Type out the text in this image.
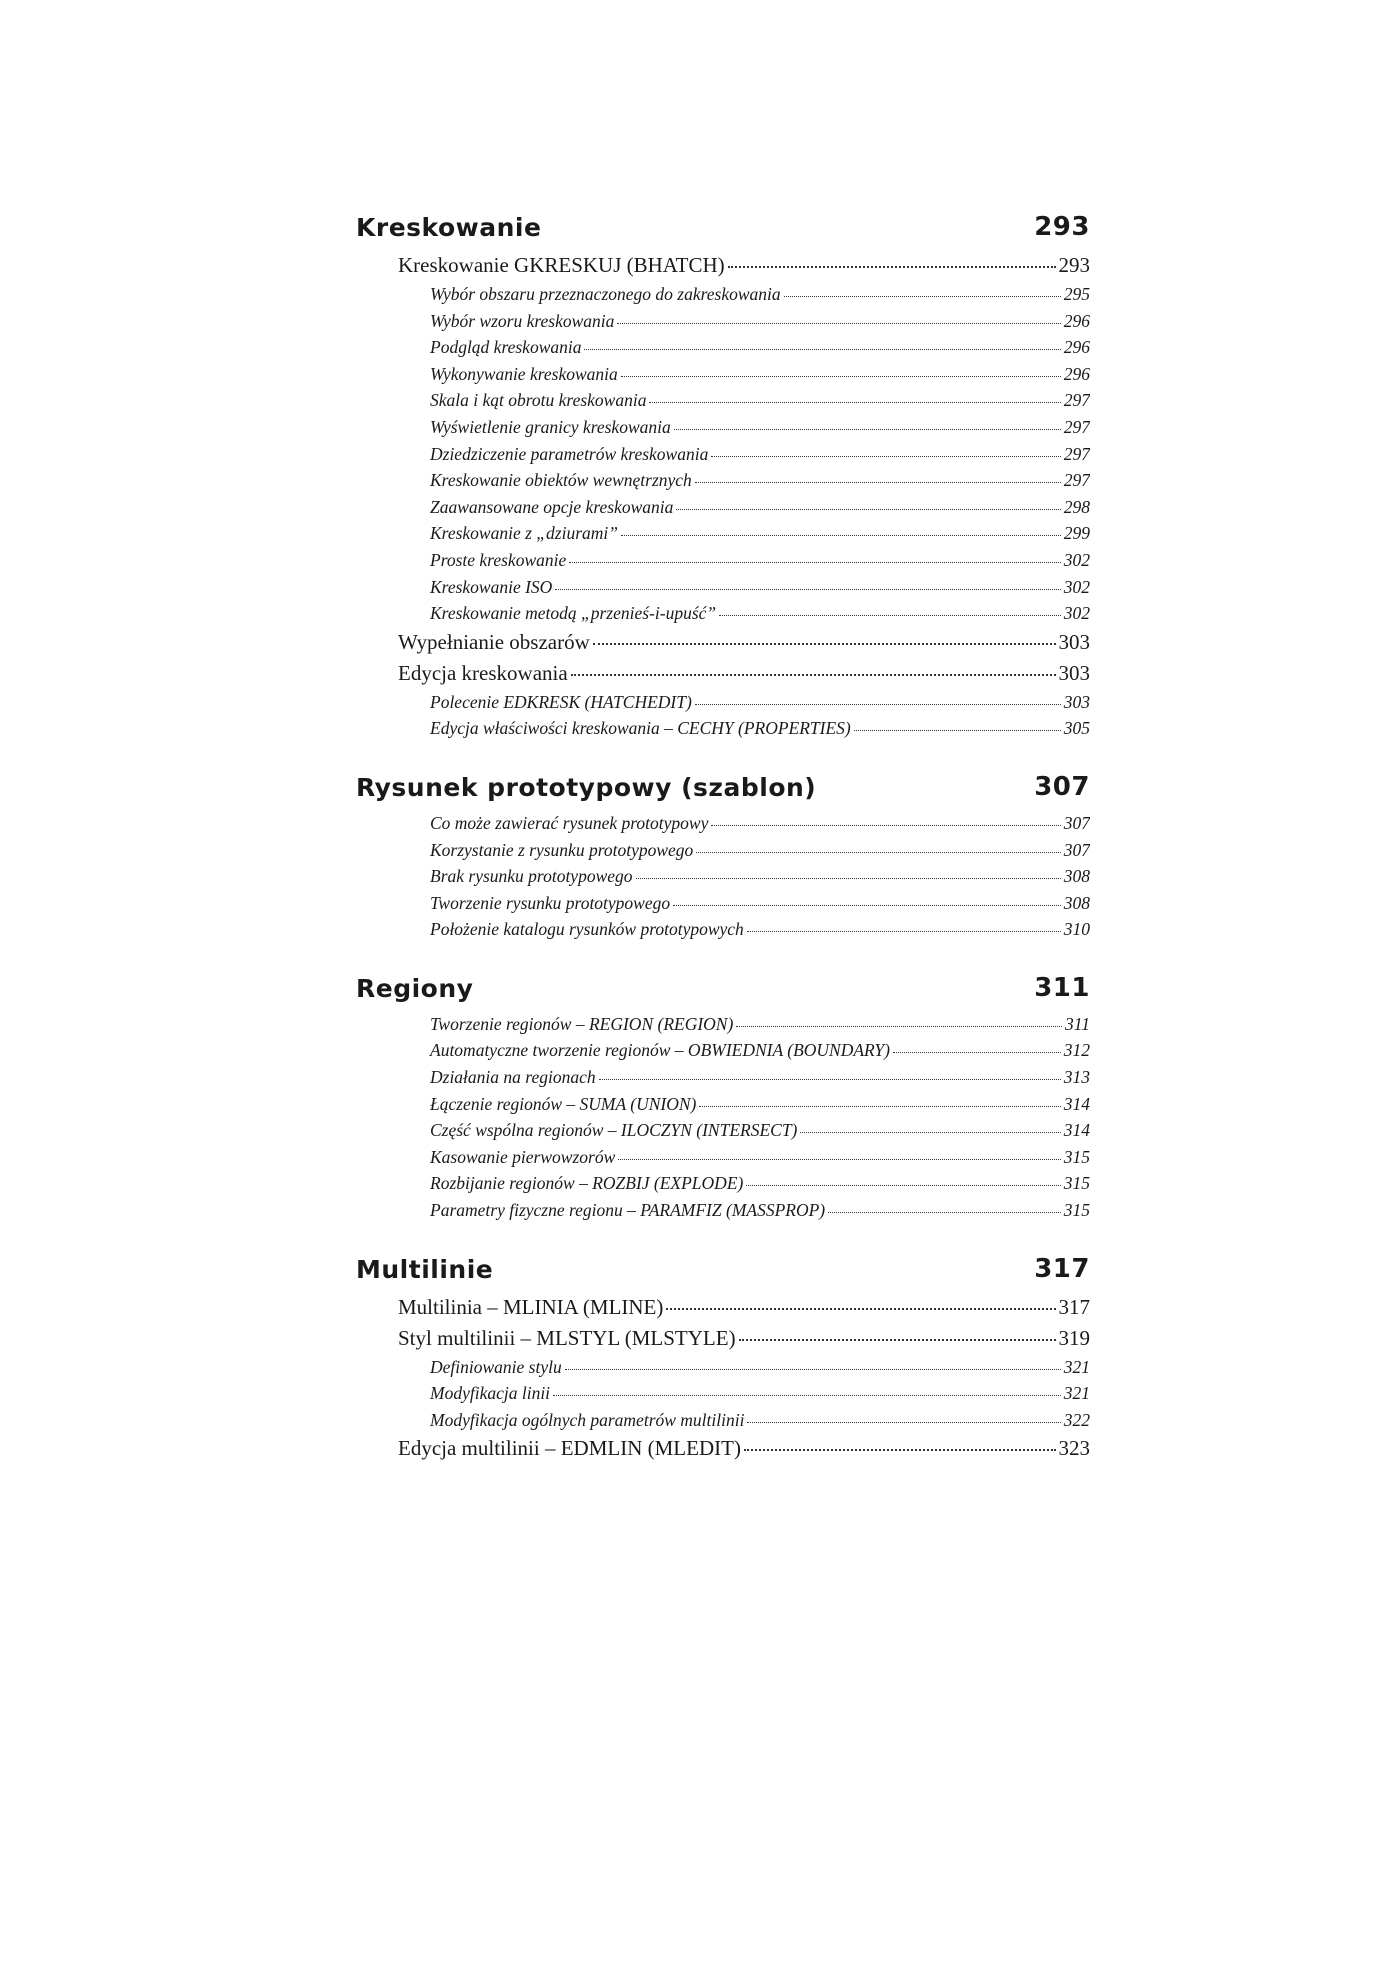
Kreskowanie	293
Kreskowanie GKRESKUJ (BHATCH)	293
Wybór obszaru przeznaczonego do zakreskowania	295
Wybór wzoru kreskowania	296
Podgląd kreskowania	296
Wykonywanie kreskowania	296
Skala i kąt obrotu kreskowania	297
Wyświetlenie granicy kreskowania	297
Dziedziczenie parametrów kreskowania	297
Kreskowanie obiektów wewnętrznych	297
Zaawansowane opcje kreskowania	298
Kreskowanie z „dziurami”	299
Proste kreskowanie	302
Kreskowanie ISO	302
Kreskowanie metodą „przenieś-i-upuść”	302
Wypełnianie obszarów	303
Edycja kreskowania	303
Polecenie EDKRESK (HATCHEDIT)	303
Edycja właściwości kreskowania – CECHY (PROPERTIES)	305
Rysunek prototypowy (szablon)	307
Co może zawierać rysunek prototypowy	307
Korzystanie z rysunku prototypowego	307
Brak rysunku prototypowego	308
Tworzenie rysunku prototypowego	308
Położenie katalogu rysunków prototypowych	310
Regiony	311
Tworzenie regionów – REGION (REGION)	311
Automatyczne tworzenie regionów – OBWIEDNIA (BOUNDARY)	312
Działania na regionach	313
Łączenie regionów – SUMA (UNION)	314
Część wspólna regionów – ILOCZYN (INTERSECT)	314
Kasowanie pierwowzorów	315
Rozbijanie regionów – ROZBIJ (EXPLODE)	315
Parametry fizyczne regionu – PARAMFIZ (MASSPROP)	315
Multilinie	317
Multilinia – MLINIA (MLINE)	317
Styl multilinii – MLSTYL (MLSTYLE)	319
Definiowanie stylu	321
Modyfikacja linii	321
Modyfikacja ogólnych parametrów multilinii	322
Edycja multilinii – EDMLIN (MLEDIT)	323
